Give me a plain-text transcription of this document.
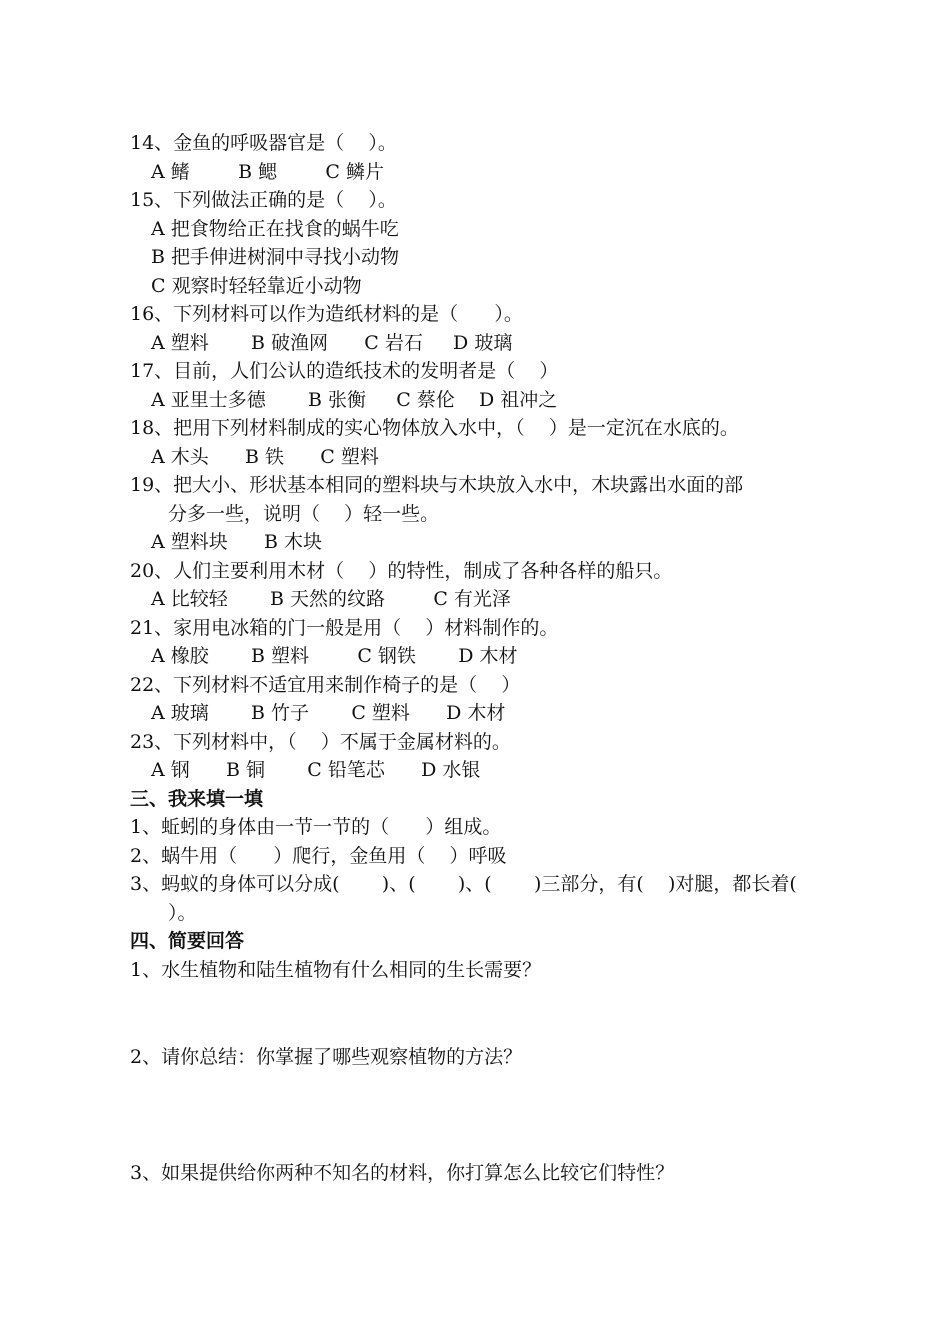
14、金鱼的呼吸器官是（    ）。
A 鳍        B 鳃        C 鳞片
15、下列做法正确的是（    ）。
A 把食物给正在找食的蜗牛吃
B 把手伸进树洞中寻找小动物
C 观察时轻轻靠近小动物
16、下列材料可以作为造纸材料的是（      ）。
A 塑料       B 破渔网      C 岩石     D 玻璃
17、目前，人们公认的造纸技术的发明者是（    ）
A 亚里士多德       B 张衡     C 蔡伦    D 祖冲之
18、把用下列材料制成的实心物体放入水中，（    ）是一定沉在水底的。
A 木头      B 铁      C 塑料
19、把大小、形状基本相同的塑料块与木块放入水中，木块露出水面的部
分多一些，说明（    ）轻一些。
A 塑料块      B 木块
20、人们主要利用木材（    ）的特性，制成了各种各样的船只。
A 比较轻       B 天然的纹路        C 有光泽
21、家用电冰箱的门一般是用（    ）材料制作的。
A 橡胶       B 塑料        C 钢铁       D 木材
22、下列材料不适宜用来制作椅子的是（    ）
A 玻璃       B 竹子       C 塑料      D 木材
23、下列材料中，（    ）不属于金属材料的。
A 钢      B 铜       C 铅笔芯      D 水银
三、我来填一填
1、蚯蚓的身体由一节一节的（      ）组成。
2、蜗牛用（      ）爬行，金鱼用（    ）呼吸
3、蚂蚁的身体可以分成(       )、(       )、(       )三部分，有(    )对腿，都长着(
）。
四、简要回答
1、水生植物和陆生植物有什么相同的生长需要？
2、请你总结：你掌握了哪些观察植物的方法？
3、如果提供给你两种不知名的材料，你打算怎么比较它们特性？
